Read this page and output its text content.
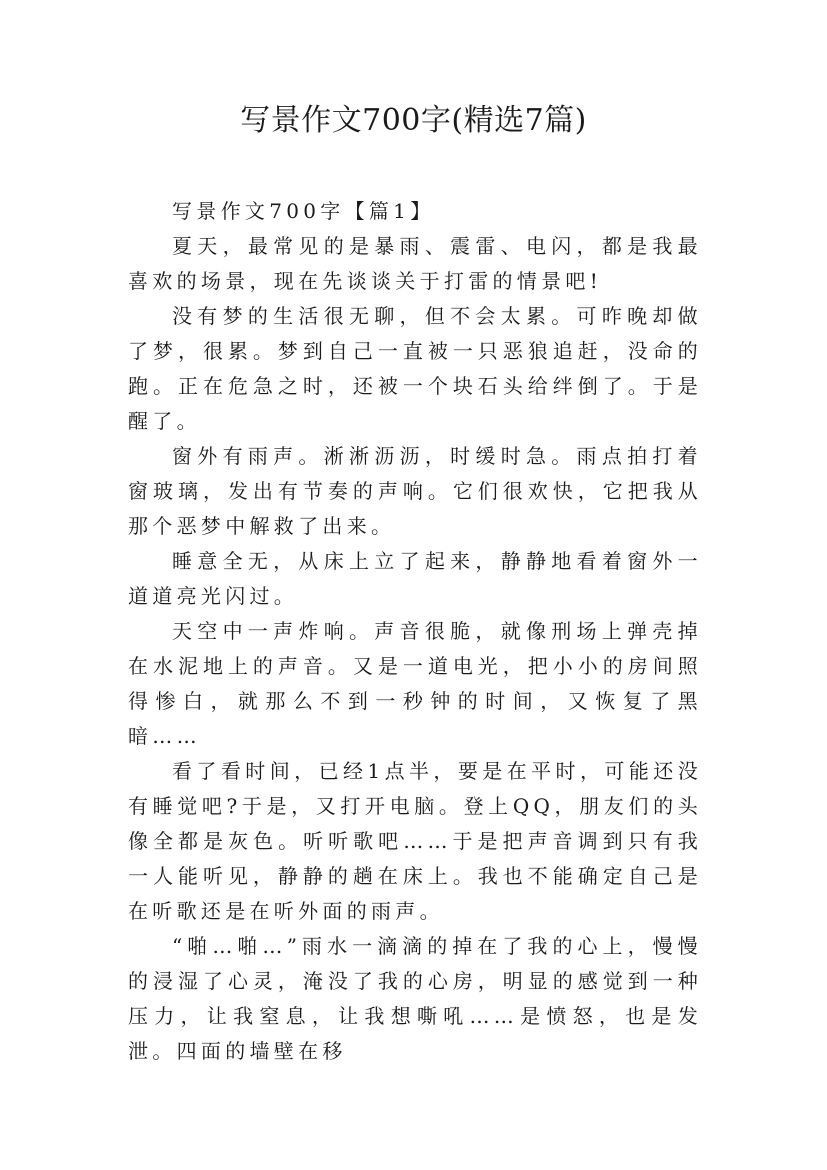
写景作文700字(精选7篇)

写景作文700字【篇1】

夏天，最常见的是暴雨、震雷、电闪，都是我最喜欢的场景，现在先谈谈关于打雷的情景吧!

没有梦的生活很无聊，但不会太累。可昨晚却做了梦，很累。梦到自己一直被一只恶狼追赶，没命的跑。正在危急之时，还被一个块石头给绊倒了。于是醒了。

窗外有雨声。淅淅沥沥，时缓时急。雨点拍打着窗玻璃，发出有节奏的声响。它们很欢快，它把我从那个恶梦中解救了出来。

睡意全无，从床上立了起来，静静地看着窗外一道道亮光闪过。

天空中一声炸响。声音很脆，就像刑场上弹壳掉在水泥地上的声音。又是一道电光，把小小的房间照得惨白，就那么不到一秒钟的时间，又恢复了黑暗……

看了看时间，已经1点半，要是在平时，可能还没有睡觉吧?于是，又打开电脑。登上QQ，朋友们的头像全都是灰色。听听歌吧……于是把声音调到只有我一人能听见，静静的趟在床上。我也不能确定自己是在听歌还是在听外面的雨声。

“啪…啪…”雨水一滴滴的掉在了我的心上，慢慢的浸湿了心灵，淹没了我的心房，明显的感觉到一种压力，让我窒息，让我想嘶吼……是愤怒，也是发泄。四面的墙壁在移
